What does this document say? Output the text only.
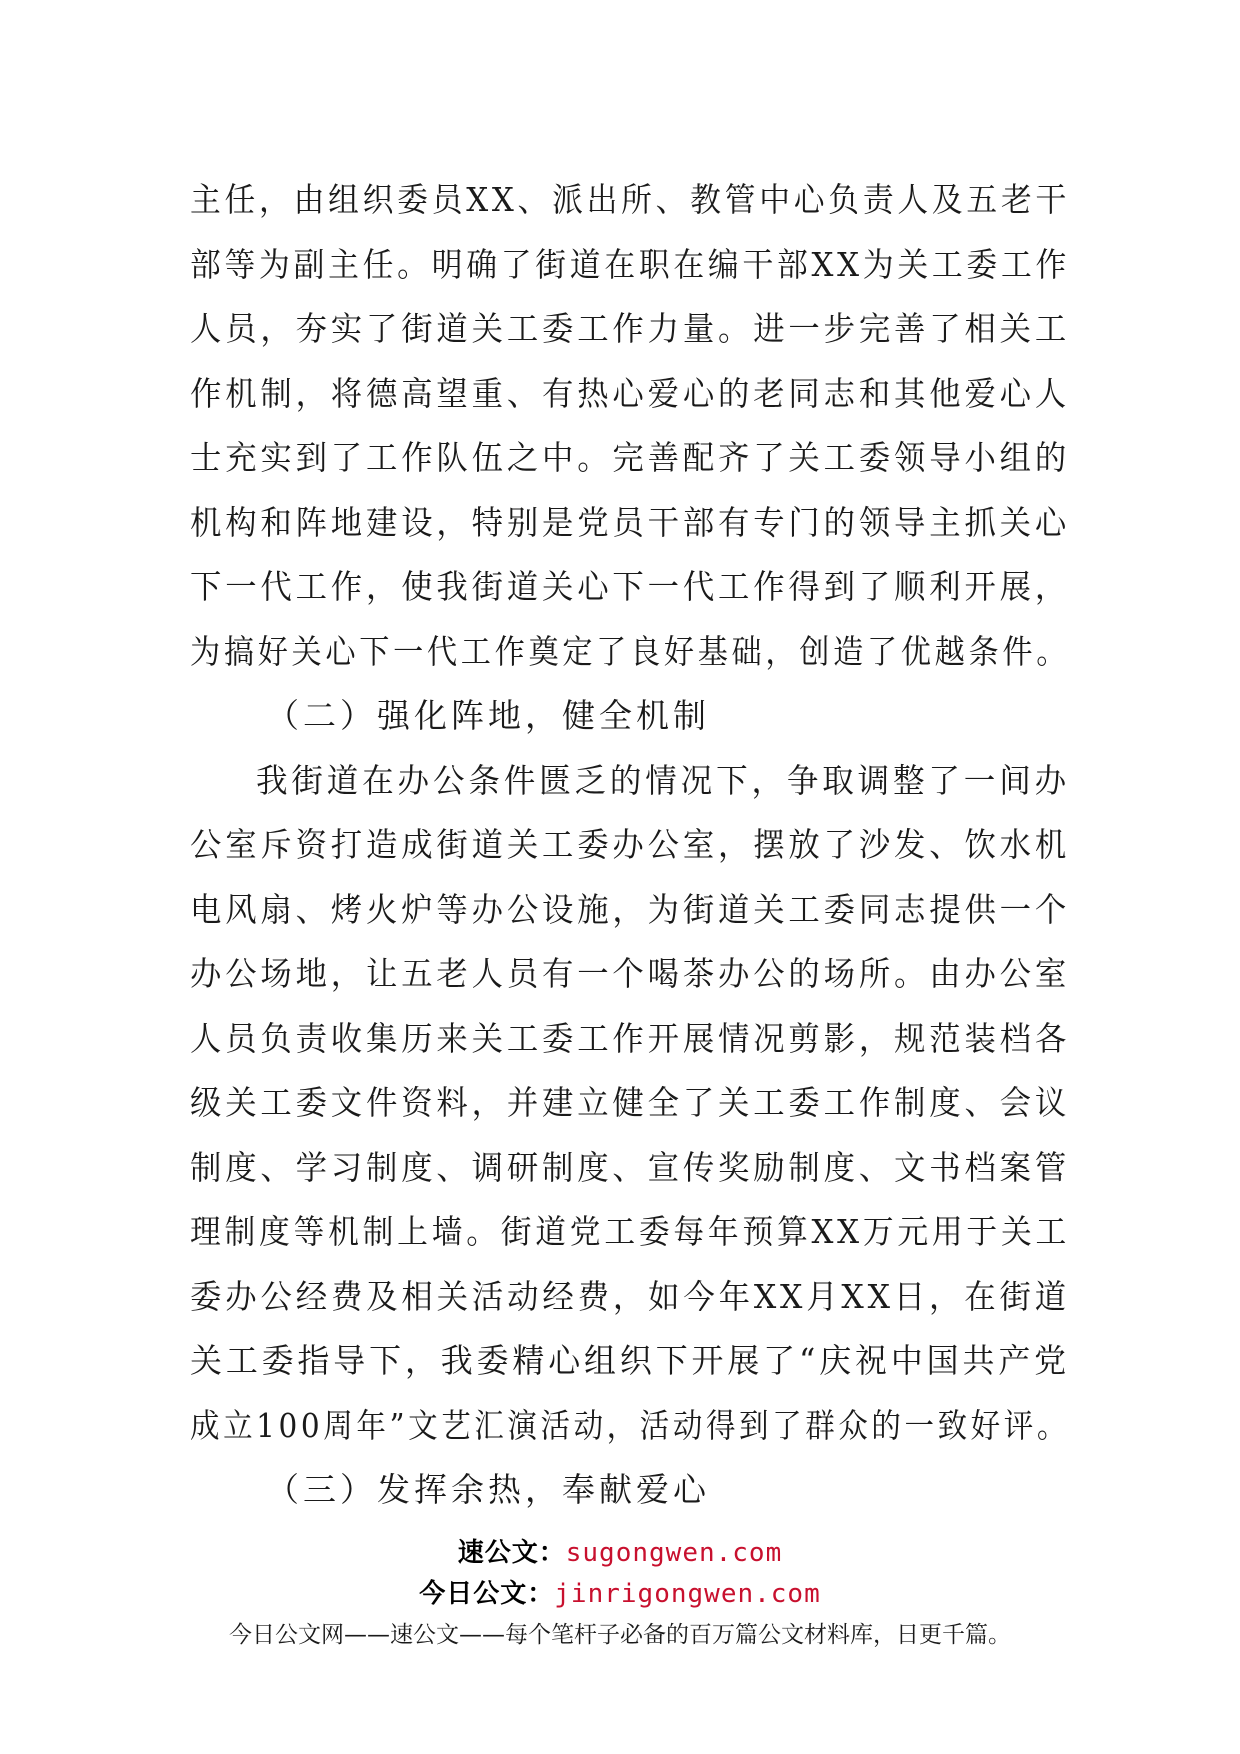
主任，由组织委员XX、派出所、教管中心负责人及五老干
部等为副主任。明确了街道在职在编干部XX为关工委工作
人员，夯实了街道关工委工作力量。进一步完善了相关工
作机制，将德高望重、有热心爱心的老同志和其他爱心人
士充实到了工作队伍之中。完善配齐了关工委领导小组的
机构和阵地建设，特别是党员干部有专门的领导主抓关心
下一代工作，使我街道关心下一代工作得到了顺利开展，
为搞好关心下一代工作奠定了良好基础，创造了优越条件。
（二）强化阵地，健全机制
我街道在办公条件匮乏的情况下，争取调整了一间办
公室斥资打造成街道关工委办公室，摆放了沙发、饮水机
电风扇、烤火炉等办公设施，为街道关工委同志提供一个
办公场地，让五老人员有一个喝茶办公的场所。由办公室
人员负责收集历来关工委工作开展情况剪影，规范装档各
级关工委文件资料，并建立健全了关工委工作制度、会议
制度、学习制度、调研制度、宣传奖励制度、文书档案管
理制度等机制上墙。街道党工委每年预算XX万元用于关工
委办公经费及相关活动经费，如今年XX月XX日，在街道
关工委指导下，我委精心组织下开展了“庆祝中国共产党
成立100周年”文艺汇演活动，活动得到了群众的一致好评。
（三）发挥余热，奉献爱心
速公文：sugongwen.com
今日公文：jinrigongwen.com
今日公文网——速公文——每个笔杆子必备的百万篇公文材料库，日更千篇。
